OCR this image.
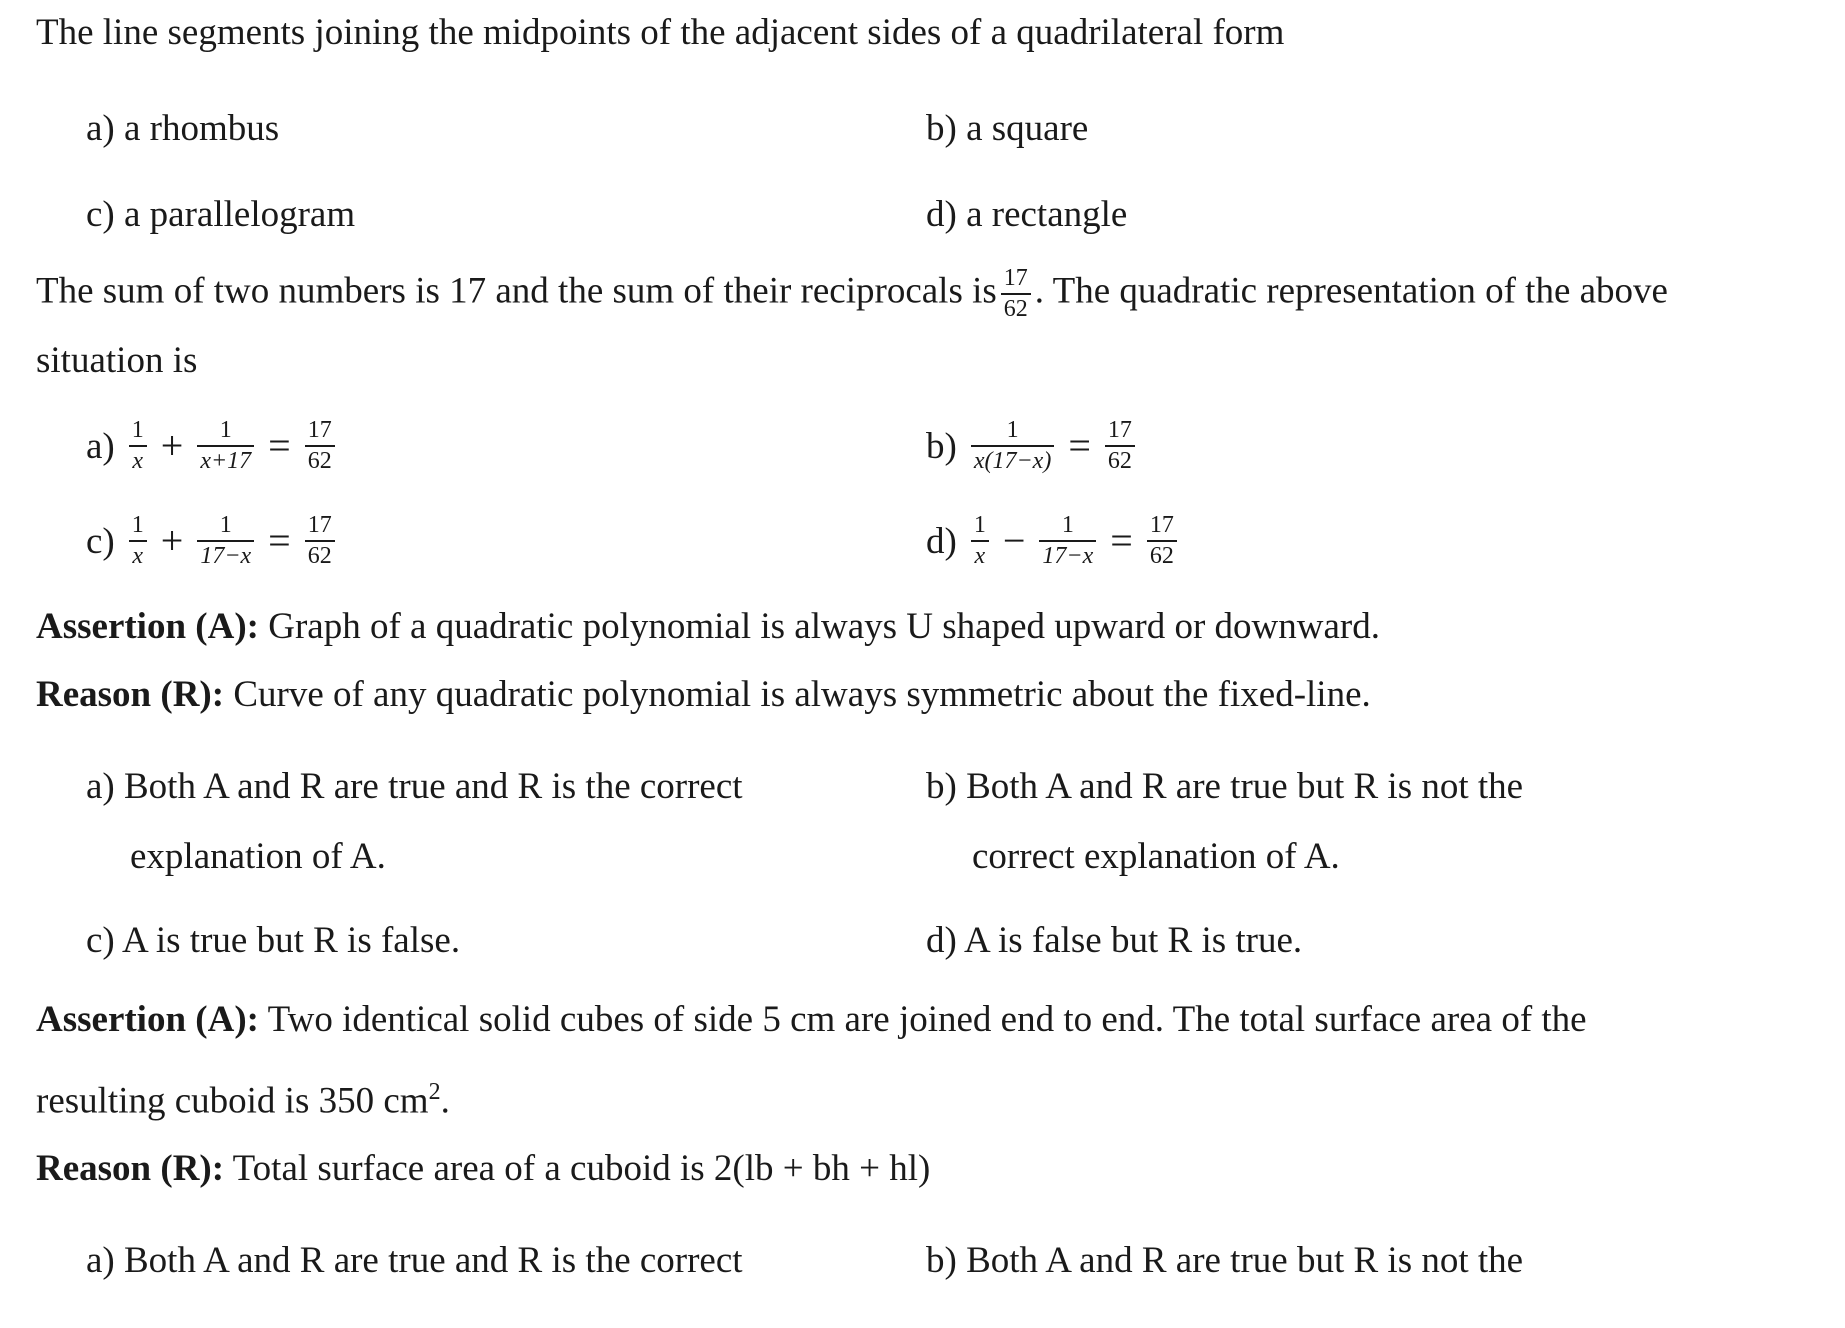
The line segments joining the midpoints of the adjacent sides of a quadrilateral form
a) a rhombus	b) a square
c) a parallelogram	d) a rectangle
The sum of two numbers is 17 and the sum of their reciprocals is $\frac{17}{62}$ . The quadratic representation of the above
situation is
$a) \frac{1}{x} + \frac{1}{x+17} = \frac{17}{62}$	$b) \frac{1}{x(17-x)} = \frac{17}{62}$
$c) \frac{1}{x} + \frac{1}{17-x} = \frac{17}{62}$	$d) \frac{1}{x} - \frac{1}{17-x} = \frac{17}{62}$
Assertion (A): Graph of a quadratic polynomial is always U shaped upward or downward.
Reason (R): Curve of any quadratic polynomial is always symmetric about the fixed-line.
a) Both A and R are true and R is the correct
explanation of A.
b) Both A and R are true but R is not the
correct explanation of A.
c) A is true but R is false.	d) A is false but R is true.
Assertion (A): Two identical solid cubes of side 5 cm are joined end to end. The total surface area of the
resulting cuboid is 350 $cm^2$.
Reason (R): Total surface area of a cuboid is 2(lb + bh + hl)
a) Both A and R are true and R is the correct	b) Both A and R are true but R is not the
